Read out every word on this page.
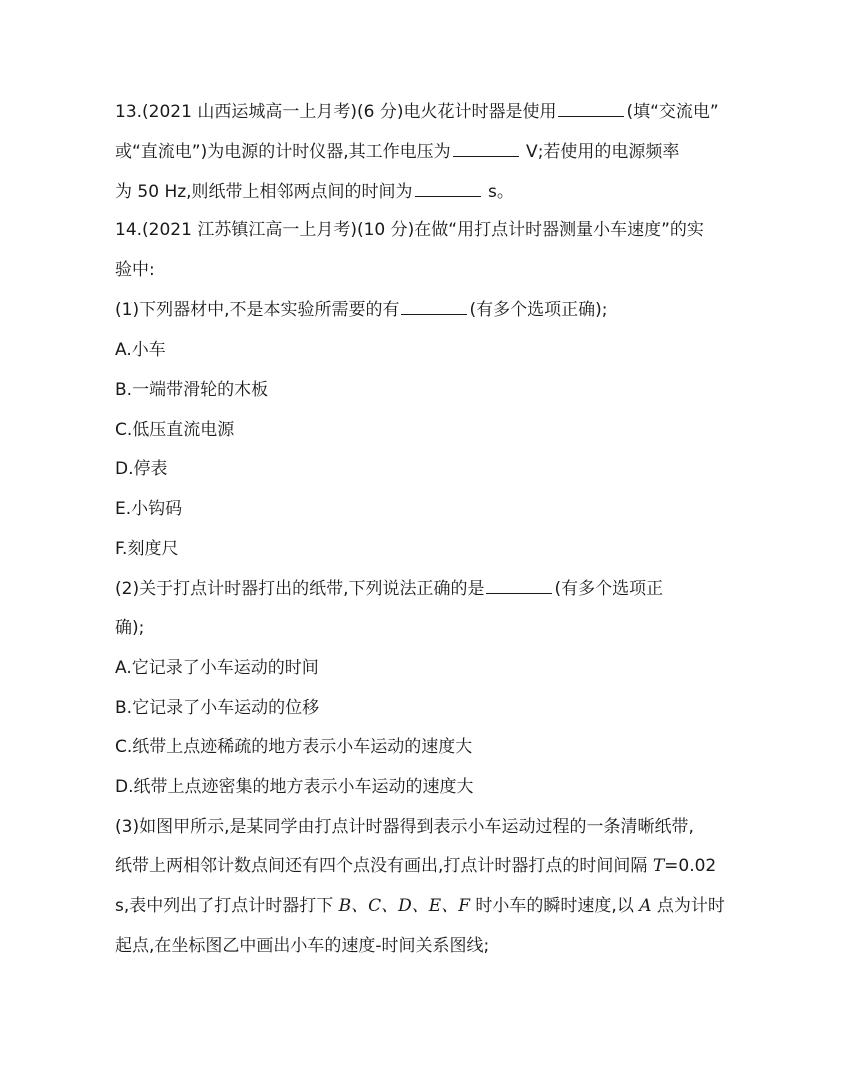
13.(2021 山西运城高一上月考)(6 分)电火花计时器是使用	(填“交流电”
或“直流电”)为电源的计时仪器,其工作电压为	V;若使用的电源频率
为 50 Hz,则纸带上相邻两点间的时间为	s。
14.(2021 江苏镇江高一上月考)(10 分)在做“用打点计时器测量小车速度”的实
验中:
(1)下列器材中,不是本实验所需要的有	(有多个选项正确);
A.小车
B.一端带滑轮的木板
C.低压直流电源
D.停表
E.小钩码
F.刻度尺
(2)关于打点计时器打出的纸带,下列说法正确的是	(有多个选项正
确);
A.它记录了小车运动的时间
B.它记录了小车运动的位移
C.纸带上点迹稀疏的地方表示小车运动的速度大
D.纸带上点迹密集的地方表示小车运动的速度大
(3)如图甲所示,是某同学由打点计时器得到表示小车运动过程的一条清晰纸带,
纸带上两相邻计数点间还有四个点没有画出,打点计时器打点的时间间隔 T=0.02
s,表中列出了打点计时器打下 B、C、D、E、F 时小车的瞬时速度,以 A 点为计时
起点,在坐标图乙中画出小车的速度-时间关系图线;
